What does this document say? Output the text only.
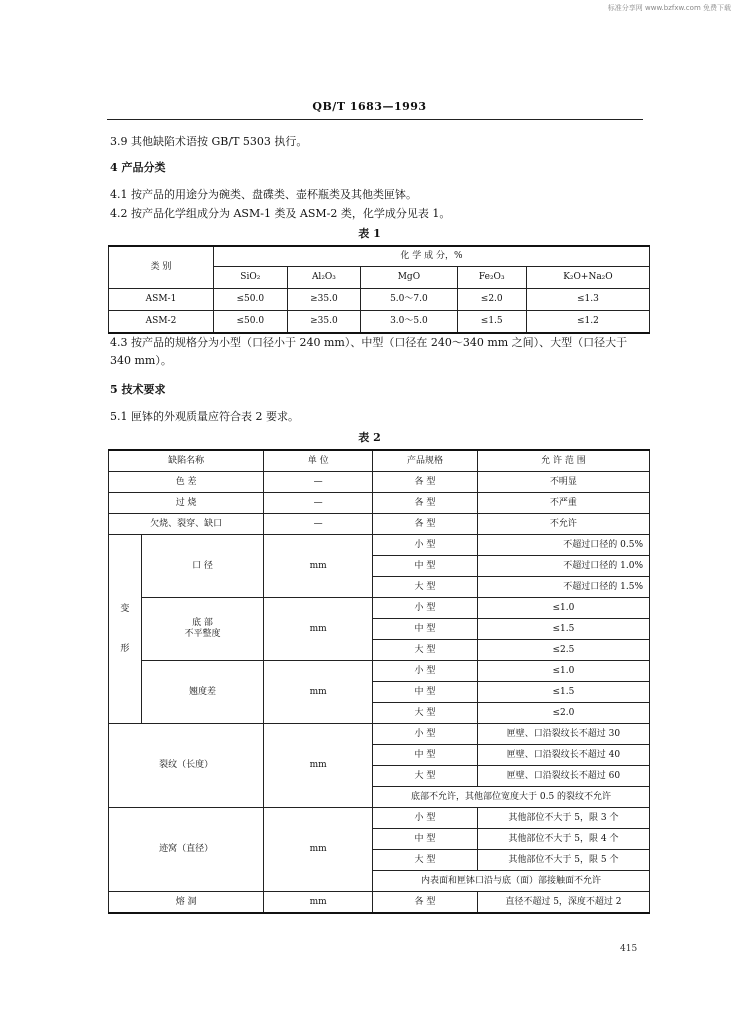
标准分享网 www.bzfxw.com 免费下载
QB/T 1683—1993
3.9 其他缺陷术语按 GB/T 5303 执行。
4 产品分类
4.1 按产品的用途分为碗类、盘碟类、壶杯瓶类及其他类匣钵。
4.2 按产品化学组成分为 ASM-1 类及 ASM-2 类，化学成分见表 1。
表 1
类 别	化 学 成 分，%				
	SiO₂	Al₂O₃	MgO	Fe₂O₃	K₂O+Na₂O
ASM-1	≤50.0	≥35.0	5.0～7.0	≤2.0	≤1.3
ASM-2	≤50.0	≥35.0	3.0～5.0	≤1.5	≤1.2
4.3 按产品的规格分为小型（口径小于 240 mm）、中型（口径在 240～340 mm 之间）、大型（口径大于
340 mm）。
5 技术要求
5.1 匣钵的外观质量应符合表 2 要求。
表 2
缺陷名称		单 位	产品规格	允 许 范 围
色 差		—	各 型	不明显
过 烧		—	各 型	不严重
欠烧、裂穿、缺口		—	各 型	不允许

变
形	口 径	mm	小 型	不超过口径的 0.5%
			中 型	不超过口径的 1.0%
			大 型	不超过口径的 1.5%

	底 部
不平整度	mm	小 型	≤1.0
			中 型	≤1.5
			大 型	≤2.5
	翘度差	mm	小 型	≤1.0
			中 型	≤1.5
			大 型	≤2.0
裂纹（长度）		mm	小 型	匣壁、口沿裂纹长不超过 30
			中 型	匣壁、口沿裂纹长不超过 40
			大 型	匣壁、口沿裂纹长不超过 60
			底部不允许，其他部位宽度大于 0.5 的裂纹不允许	
迹窝（直径）		mm	小 型	其他部位不大于 5，限 3 个
			中 型	其他部位不大于 5，限 4 个
			大 型	其他部位不大于 5，限 5 个
			内表面和匣钵口沿与底（面）部接触面不允许	
熔 洞		mm	各 型	直径不超过 5，深度不超过 2
415
